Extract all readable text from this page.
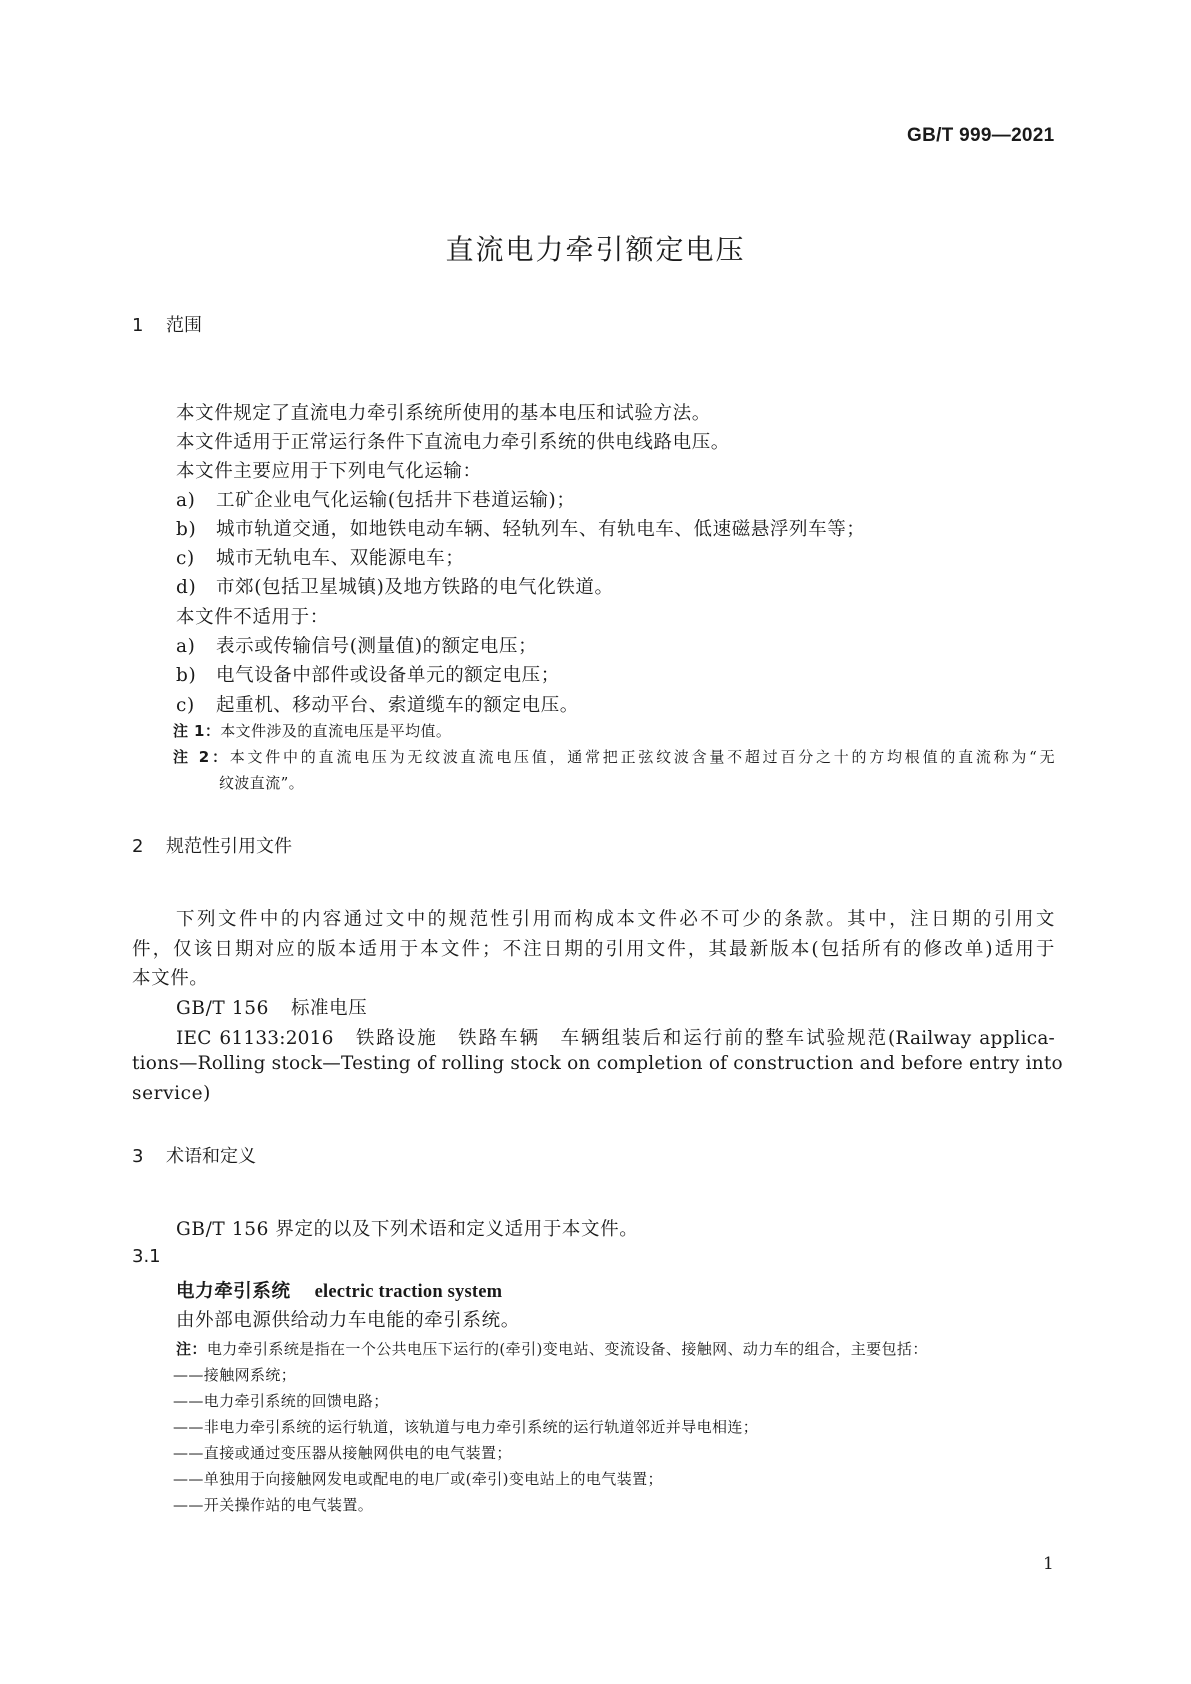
GB/T 999—2021
直流电力牵引额定电压
1 范围
本文件规定了直流电力牵引系统所使用的基本电压和试验方法。
本文件适用于正常运行条件下直流电力牵引系统的供电线路电压。
本文件主要应用于下列电气化运输：
a) 工矿企业电气化运输(包括井下巷道运输)；
b) 城市轨道交通，如地铁电动车辆、轻轨列车、有轨电车、低速磁悬浮列车等；
c) 城市无轨电车、双能源电车；
d) 市郊(包括卫星城镇)及地方铁路的电气化铁道。
本文件不适用于：
a) 表示或传输信号(测量值)的额定电压；
b) 电气设备中部件或设备单元的额定电压；
c) 起重机、移动平台、索道缆车的额定电压。
注 1：本文件涉及的直流电压是平均值。
注 2：本文件中的直流电压为无纹波直流电压值，通常把正弦纹波含量不超过百分之十的方均根值的直流称为“无
纹波直流”。
2 规范性引用文件
下列文件中的内容通过文中的规范性引用而构成本文件必不可少的条款。其中，注日期的引用文
件，仅该日期对应的版本适用于本文件；不注日期的引用文件，其最新版本(包括所有的修改单)适用于
本文件。
GB/T 156 标准电压
IEC 61133:2016　铁路设施　铁路车辆　车辆组装后和运行前的整车试验规范(Railway applica-
tions—Rolling stock—Testing of rolling stock on completion of construction and before entry into
service)
3 术语和定义
GB/T 156 界定的以及下列术语和定义适用于本文件。
3.1
电力牵引系统 electric traction system
由外部电源供给动力车电能的牵引系统。
注：电力牵引系统是指在一个公共电压下运行的(牵引)变电站、变流设备、接触网、动力车的组合，主要包括：
——接触网系统；
——电力牵引系统的回馈电路；
——非电力牵引系统的运行轨道，该轨道与电力牵引系统的运行轨道邻近并导电相连；
——直接或通过变压器从接触网供电的电气装置；
——单独用于向接触网发电或配电的电厂或(牵引)变电站上的电气装置；
——开关操作站的电气装置。
1
